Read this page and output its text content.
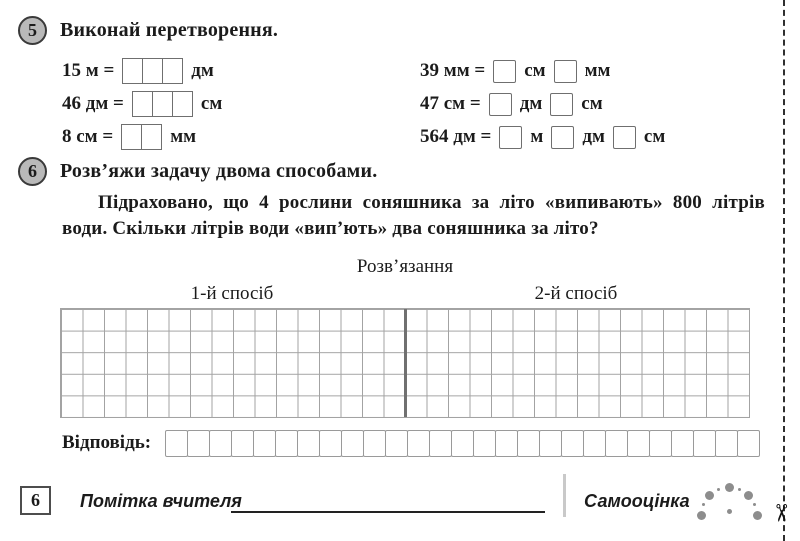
✂
5	Виконай перетворення.
15 м =	дм
46 дм =	см
8 см =	мм
39 мм = см мм
47 см = дм см
564 дм = м дм см
6	Розв’яжи задачу двома способами.

Підраховано, що 4 рослини соняшника за літо «випивають» 800 літрів води. Скільки літрів води «вип’ють» два соняшника за літо?

Розв’язання
1-й спосіб	2-й спосіб
Відповідь:
6	Помітка вчителя	Самооцінка
